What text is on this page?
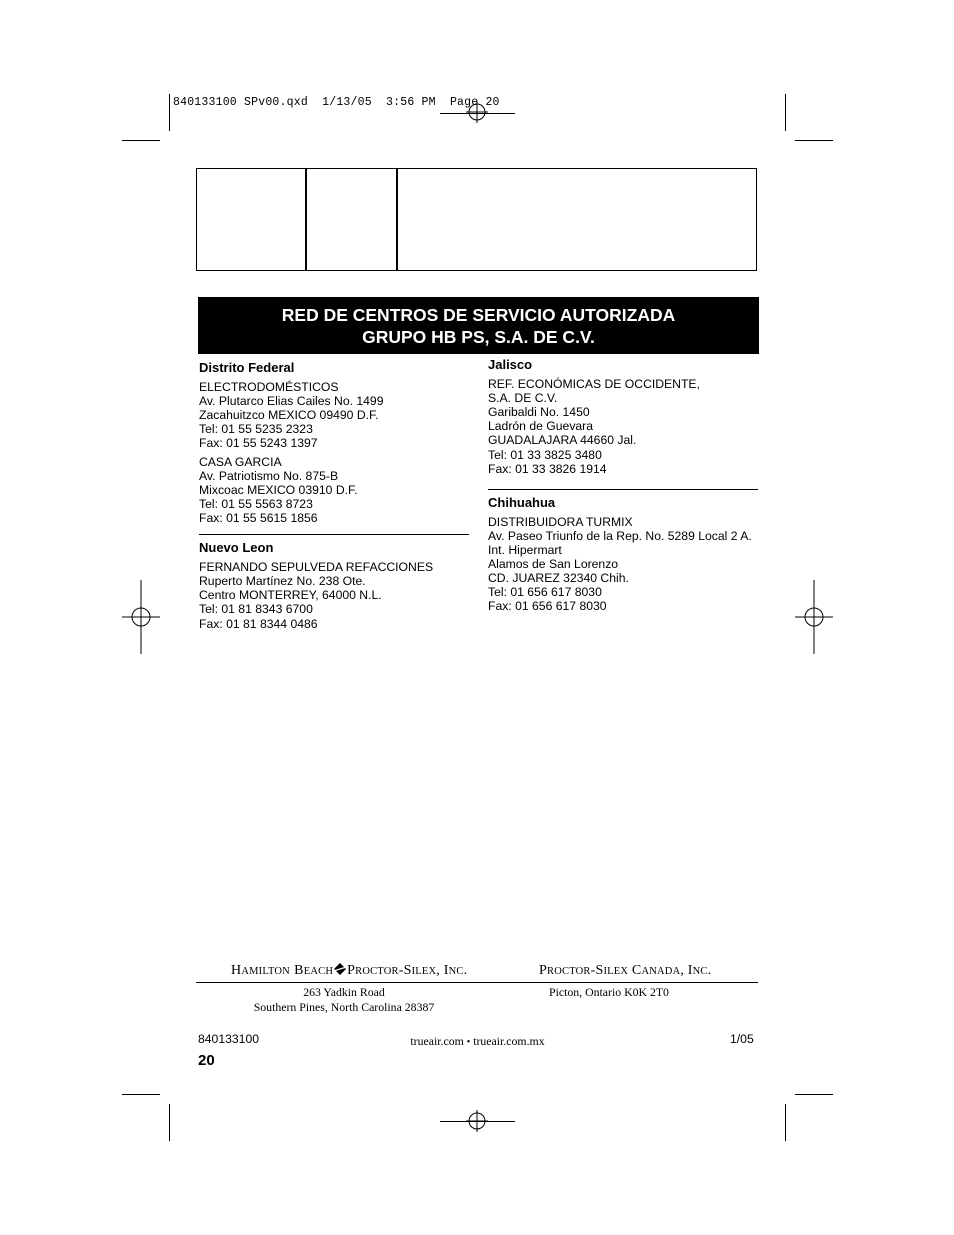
840133100 SPv00.qxd  1/13/05  3:56 PM  Page 20
RED DE CENTROS DE SERVICIO AUTORIZADA
GRUPO HB PS, S.A. DE C.V.
Distrito Federal
ELECTRODOMÉSTICOS
Av. Plutarco Elias Cailes No. 1499
Zacahuitzco MEXICO 09490 D.F.
Tel: 01 55 5235 2323
Fax: 01 55 5243 1397
CASA GARCIA
Av. Patriotismo No. 875-B
Mixcoac MEXICO 03910 D.F.
Tel: 01 55 5563 8723
Fax: 01 55 5615 1856
Nuevo Leon
FERNANDO SEPULVEDA REFACCIONES
Ruperto Martínez No. 238 Ote.
Centro MONTERREY, 64000 N.L.
Tel: 01 81 8343 6700
Fax: 01 81 8344 0486
Jalisco
REF. ECONÓMICAS DE OCCIDENTE,
S.A. DE C.V.
Garibaldi No. 1450
Ladrón de Guevara
GUADALAJARA 44660 Jal.
Tel: 01 33 3825 3480
Fax: 01 33 3826 1914
Chihuahua
DISTRIBUIDORA TURMIX
Av. Paseo Triunfo de la Rep. No. 5289 Local 2 A.
Int. Hipermart
Alamos de San Lorenzo
CD. JUAREZ 32340 Chih.
Tel: 01 656 617 8030
Fax: 01 656 617 8030
HAMILTON BEACH PROCTOR-SILEX, INC.	PROCTOR-SILEX CANADA, INC.
263 Yadkin Road
Southern Pines, North Carolina 28387
Picton, Ontario K0K 2T0
840133100
20
trueair.com • trueair.com.mx	1/05
